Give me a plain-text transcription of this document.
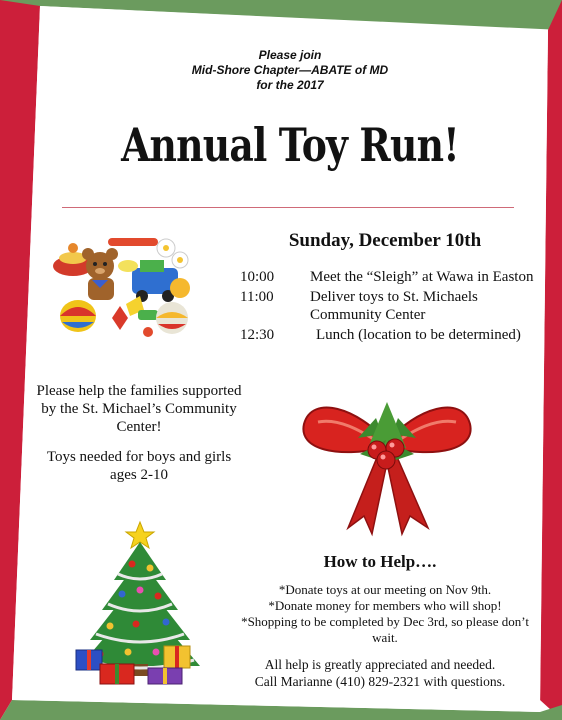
Please join
Mid-Shore Chapter—ABATE of MD
for the 2017
Annual Toy Run!
Sunday, December 10th
10:00	Meet the “Sleigh” at Wawa in Easton
11:00	Deliver toys to St. Michaels Community Center
12:30	Lunch (location to be determined)

Please help the families supported by the St. Michael’s Community Center!

Toys needed for boys and girls ages 2-10

How to Help….
*Donate toys at our meeting on Nov 9th.
*Donate money for members who will shop!
*Shopping to be completed by Dec 3rd, so please don’t wait.
All help is greatly appreciated and needed.
Call Marianne (410) 829-2321 with questions.
